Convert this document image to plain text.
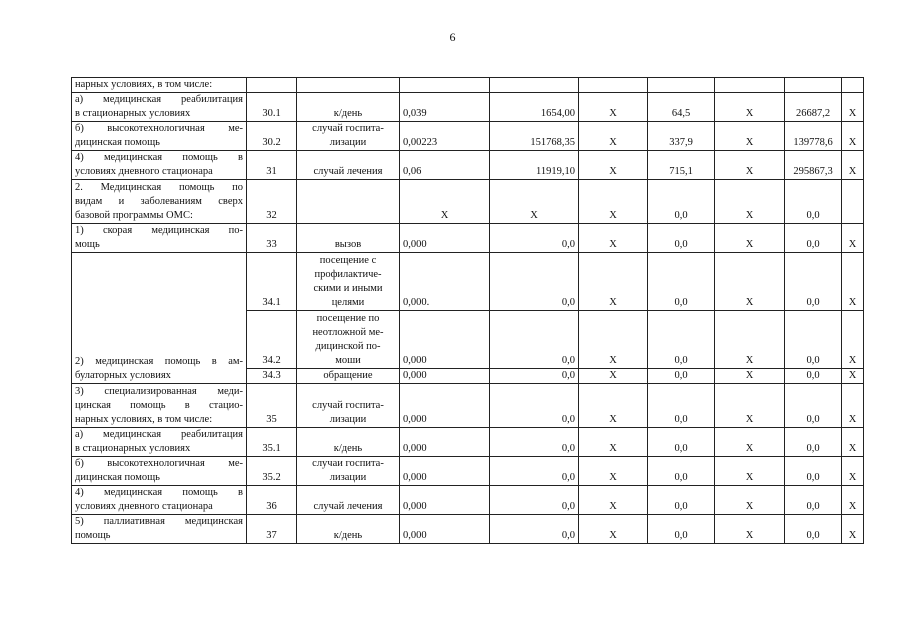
6
нарных условиях, в том числе:									

а) медицинская реабилитация
в стационарных условиях	30.1	к/день	0,039	1654,00	X	64,5	X	26687,2	X

б) высокотехнологичная ме-
дицинская помощь	30.2	случай госпита-
лизации	0,00223	151768,35	X	337,9	X	139778,6	X

4) медицинская помощь в
условиях дневного стационара	31	случай лечения	0,06	11919,10	X	715,1	X	295867,3	X

2. Медицинская помощь по
видам и заболеваниям сверх
базовой программы ОМС:	32		X	X	X	0,0	X	0,0	

1) скорая медицинская по-
мощь	33	вызов	0,000	0,0	X	0,0	X	0,0	X

2) медицинская помощь в ам-
булаторных условиях	34.1	посещение с
профилактиче-
скими и иными
целями	0,000.	0,0	X	0,0	X	0,0	X
	34.2	посещение по
неотложной ме-
дицинской по-
моши	0,000	0,0	X	0,0	X	0,0	X
	34.3	обращение	0,000	0,0	X	0,0	X	0,0	X

3) специализированная меди-
цинская помощь в стацио-
нарных условиях, в том числе:	35	случай госпита-
лизации	0,000	0,0	X	0,0	X	0,0	X

а) медицинская реабилитация
в стационарных условиях	35.1	к/день	0,000	0,0	X	0,0	X	0,0	X

б) высокотехнологичная ме-
дицинская помощь	35.2	случаи госпита-
лизации	0,000	0,0	X	0,0	X	0,0	X

4) медицинская помощь в
условиях дневного стационара	36	случай лечения	0,000	0,0	X	0,0	X	0,0	X

5) паллиативная медицинская
помощь	37	к/день	0,000	0,0	X	0,0	X	0,0	X
